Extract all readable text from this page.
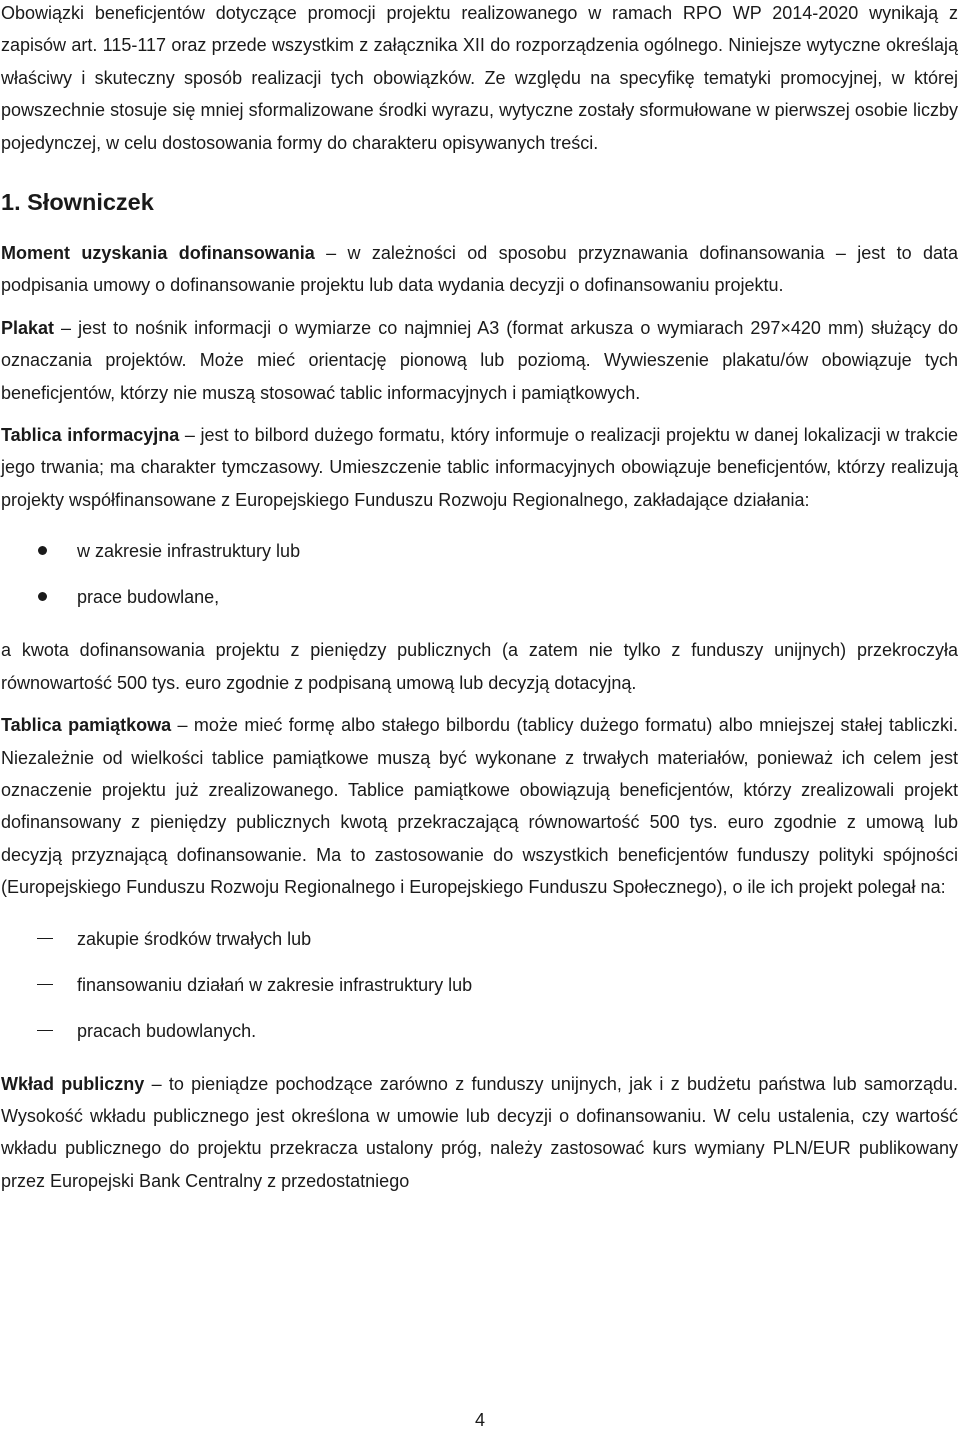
Obowiązki beneficjentów dotyczące promocji projektu realizowanego w ramach RPO WP 2014-2020 wynikają z zapisów art. 115-117 oraz przede wszystkim z załącznika XII do rozporządzenia ogólnego. Niniejsze wytyczne określają właściwy i skuteczny sposób realizacji tych obowiązków. Ze względu na specyfikę tematyki promocyjnej, w której powszechnie stosuje się mniej sformalizowane środki wyrazu, wytyczne zostały sformułowane w pierwszej osobie liczby pojedynczej, w celu dostosowania formy do charakteru opisywanych treści.

1. Słowniczek

Moment uzyskania dofinansowania – w zależności od sposobu przyznawania dofinansowania – jest to data podpisania umowy o dofinansowanie projektu lub data wydania decyzji o dofinansowaniu projektu.

Plakat – jest to nośnik informacji o wymiarze co najmniej A3 (format arkusza o wymiarach 297×420 mm) służący do oznaczania projektów. Może mieć orientację pionową lub poziomą. Wywieszenie plakatu/ów obowiązuje tych beneficjentów, którzy nie muszą stosować tablic informacyjnych i pamiątkowych.

Tablica informacyjna – jest to bilbord dużego formatu, który informuje o realizacji projektu w danej lokalizacji w trakcie jego trwania; ma charakter tymczasowy. Umieszczenie tablic informacyjnych obowiązuje beneficjentów, którzy realizują projekty współfinansowane z Europejskiego Funduszu Rozwoju Regionalnego, zakładające działania:

w zakresie infrastruktury lub
prace budowlane,

a kwota dofinansowania projektu z pieniędzy publicznych (a zatem nie tylko z funduszy unijnych) przekroczyła równowartość 500 tys. euro zgodnie z podpisaną umową lub decyzją dotacyjną.

Tablica pamiątkowa – może mieć formę albo stałego bilbordu (tablicy dużego formatu) albo mniejszej stałej tabliczki. Niezależnie od wielkości tablice pamiątkowe muszą być wykonane z trwałych materiałów, ponieważ ich celem jest oznaczenie projektu już zrealizowanego. Tablice pamiątkowe obowiązują beneficjentów, którzy zrealizowali projekt dofinansowany z pieniędzy publicznych kwotą przekraczającą równowartość 500 tys. euro zgodnie z umową lub decyzją przyznającą dofinansowanie. Ma to zastosowanie do wszystkich beneficjentów funduszy polityki spójności (Europejskiego Funduszu Rozwoju Regionalnego i Europejskiego Funduszu Społecznego), o ile ich projekt polegał na:

zakupie środków trwałych lub
finansowaniu działań w zakresie infrastruktury lub
pracach budowlanych.

Wkład publiczny – to pieniądze pochodzące zarówno z funduszy unijnych, jak i z budżetu państwa lub samorządu. Wysokość wkładu publicznego jest określona w umowie lub decyzji o dofinansowaniu. W celu ustalenia, czy wartość wkładu publicznego do projektu przekracza ustalony próg, należy zastosować kurs wymiany PLN/EUR publikowany przez Europejski Bank Centralny z przedostatniego

4
